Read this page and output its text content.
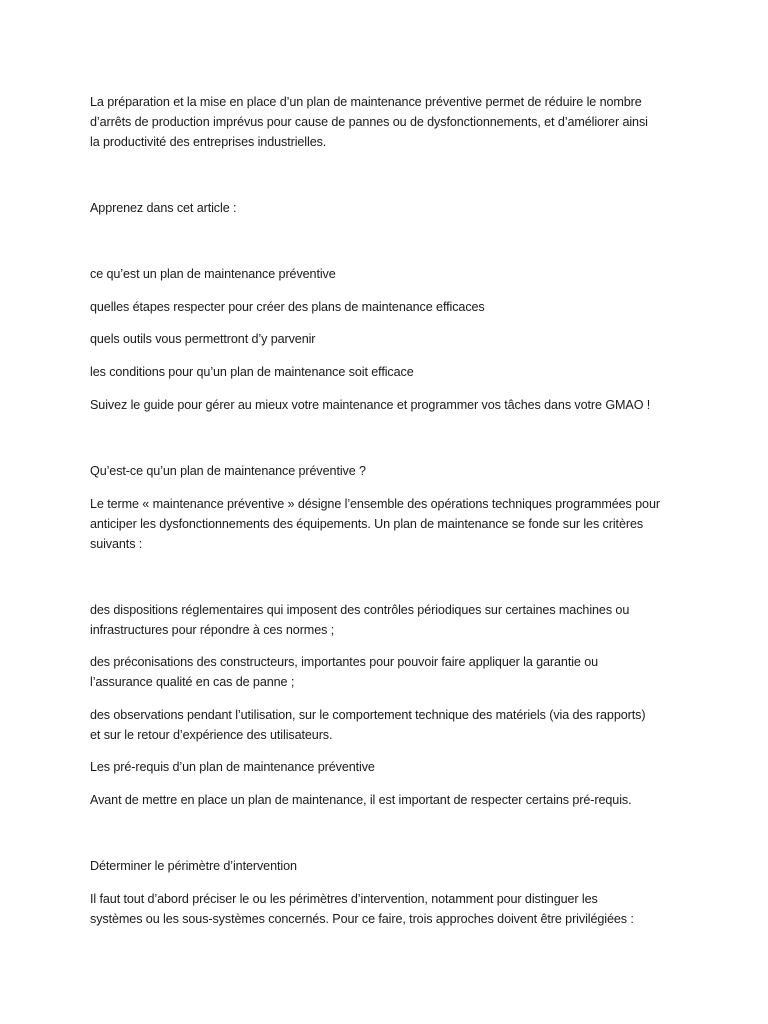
La préparation et la mise en place d’un plan de maintenance préventive permet de réduire le nombre
d’arrêts de production imprévus pour cause de pannes ou de dysfonctionnements, et d’améliorer ainsi
la productivité des entreprises industrielles.

Apprenez dans cet article :

ce qu’est un plan de maintenance préventive

quelles étapes respecter pour créer des plans de maintenance efficaces

quels outils vous permettront d’y parvenir

les conditions pour qu’un plan de maintenance soit efficace

Suivez le guide pour gérer au mieux votre maintenance et programmer vos tâches dans votre GMAO !

Qu’est-ce qu’un plan de maintenance préventive ?

Le terme « maintenance préventive » désigne l’ensemble des opérations techniques programmées pour
anticiper les dysfonctionnements des équipements. Un plan de maintenance se fonde sur les critères
suivants :

des dispositions réglementaires qui imposent des contrôles périodiques sur certaines machines ou
infrastructures pour répondre à ces normes ;

des préconisations des constructeurs, importantes pour pouvoir faire appliquer la garantie ou
l’assurance qualité en cas de panne ;

des observations pendant l’utilisation, sur le comportement technique des matériels (via des rapports)
et sur le retour d’expérience des utilisateurs.

Les pré-requis d’un plan de maintenance préventive

Avant de mettre en place un plan de maintenance, il est important de respecter certains pré-requis.

Déterminer le périmètre d’intervention

Il faut tout d’abord préciser le ou les périmètres d’intervention, notamment pour distinguer les
systèmes ou les sous-systèmes concernés. Pour ce faire, trois approches doivent être privilégiées :
